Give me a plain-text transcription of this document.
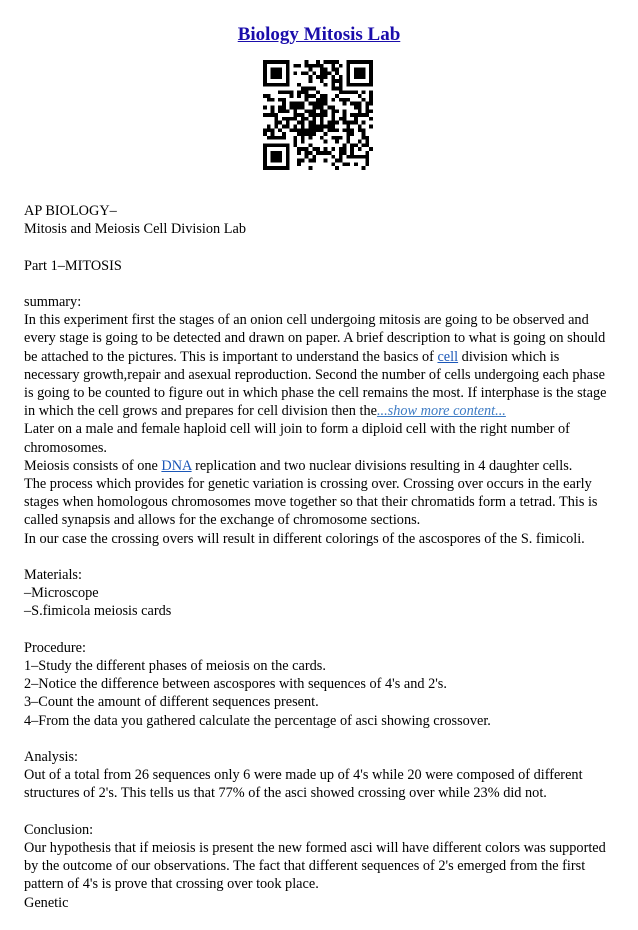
Biology Mitosis Lab

AP BIOLOGY–
Mitosis and Meiosis Cell Division Lab

Part 1–MITOSIS

summary:
In this experiment first the stages of an onion cell undergoing mitosis are going to be observed and every stage is going to be detected and drawn on paper. A brief description to what is going on should be attached to the pictures. This is important to understand the basics of cell division which is necessary growth,repair and asexual reproduction. Second the number of cells undergoing each phase is going to be counted to figure out in which phase the cell remains the most. If interphase is the stage in which the cell grows and prepares for cell division then the...show more content...
Later on a male and female haploid cell will join to form a diploid cell with the right number of chromosomes.
Meiosis consists of one DNA replication and two nuclear divisions resulting in 4 daughter cells.
The process which provides for genetic variation is crossing over. Crossing over occurs in the early stages when homologous chromosomes move together so that their chromatids form a tetrad. This is called synapsis and allows for the exchange of chromosome sections.
In our case the crossing overs will result in different colorings of the ascospores of the S. fimicoli.

Materials:
–Microscope
–S.fimicola meiosis cards

Procedure:
1–Study the different phases of meiosis on the cards.
2–Notice the difference between ascospores with sequences of 4's and 2's.
3–Count the amount of different sequences present.
4–From the data you gathered calculate the percentage of asci showing crossover.

Analysis:
Out of a total from 26 sequences only 6 were made up of 4's while 20 were composed of different structures of 2's. This tells us that 77% of the asci showed crossing over while 23% did not.

Conclusion:
Our hypothesis that if meiosis is present the new formed asci will have different colors was supported by the outcome of our observations. The fact that different sequences of 2's emerged from the first pattern of 4's is prove that crossing over took place.
Genetic
